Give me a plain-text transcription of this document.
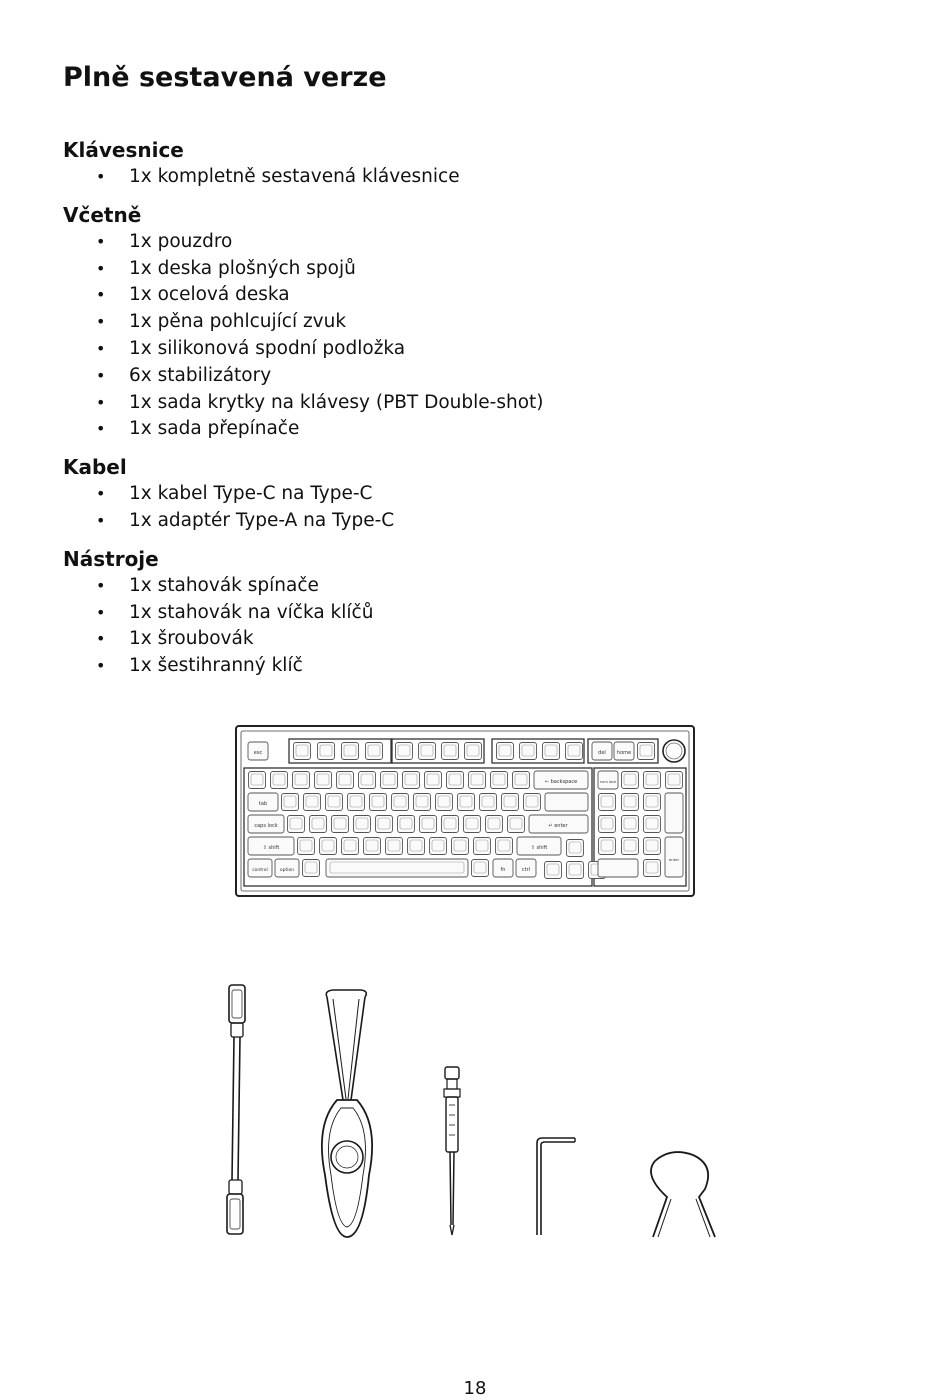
Plně sestavená verze
Klávesnice
• 1x kompletně sestavená klávesnice
Včetně
• 1x pouzdro
• 1x deska plošných spojů
• 1x ocelová deska
• 1x pěna pohlcující zvuk
• 1x silikonová spodní podložka
• 6x stabilizátory
• 1x sada krytky na klávesy (PBT Double-shot)
• 1x sada přepínače
Kabel
• 1x kabel Type-C na Type-C
• 1x adaptér Type-A na Type-C
Nástroje
• 1x stahovák spínače
• 1x stahovák na víčka klíčů
• 1x šroubovák
• 1x šestihranný klíč
esc	del home
← backspace
tab
caps lock	↵ enter
⇧ shift	⇧ shift
control	option	fn	ctrl
num lock
enter
18
